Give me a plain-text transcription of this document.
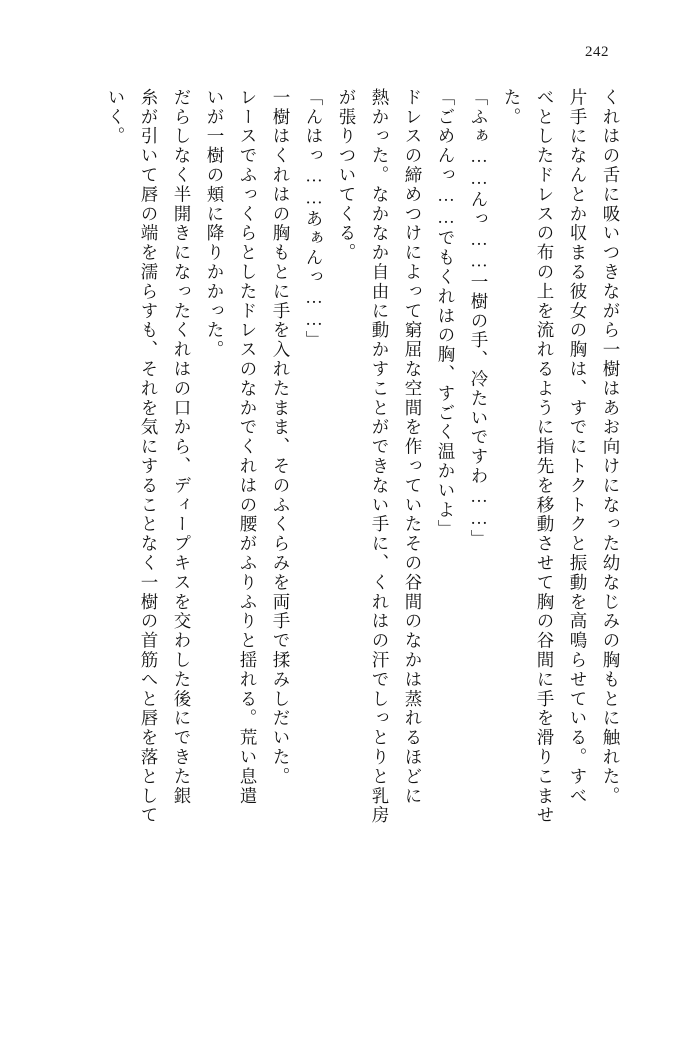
242
くれはの舌に吸いつきながら一樹はあお向けになった幼なじみの胸もとに触れた。
片手になんとか収まる彼女の胸は、すでにトクトクと振動を高鳴らせている。すべ
べとしたドレスの布の上を流れるように指先を移動させて胸の谷間に手を滑りこませ
た。
「ふぁ……んっ……一樹の手、冷たいですわ……」
「ごめんっ……でもくれはの胸、すごく温かいよ」
ドレスの締めつけによって窮屈な空間を作っていたその谷間のなかは蒸れるほどに
熱かった。なかなか自由に動かすことができない手に、くれはの汗でしっとりと乳房
が張りついてくる。
「んはっ……あぁんっ……」
一樹はくれはの胸もとに手を入れたまま、そのふくらみを両手で揉みしだいた。
レースでふっくらとしたドレスのなかでくれはの腰がふりふりと揺れる。荒い息遣
いが一樹の頬に降りかかった。
だらしなく半開きになったくれはの口から、ディープキスを交わした後にできた銀
糸が引いて唇の端を濡らすも、それを気にすることなく一樹の首筋へと唇を落として
いく。
